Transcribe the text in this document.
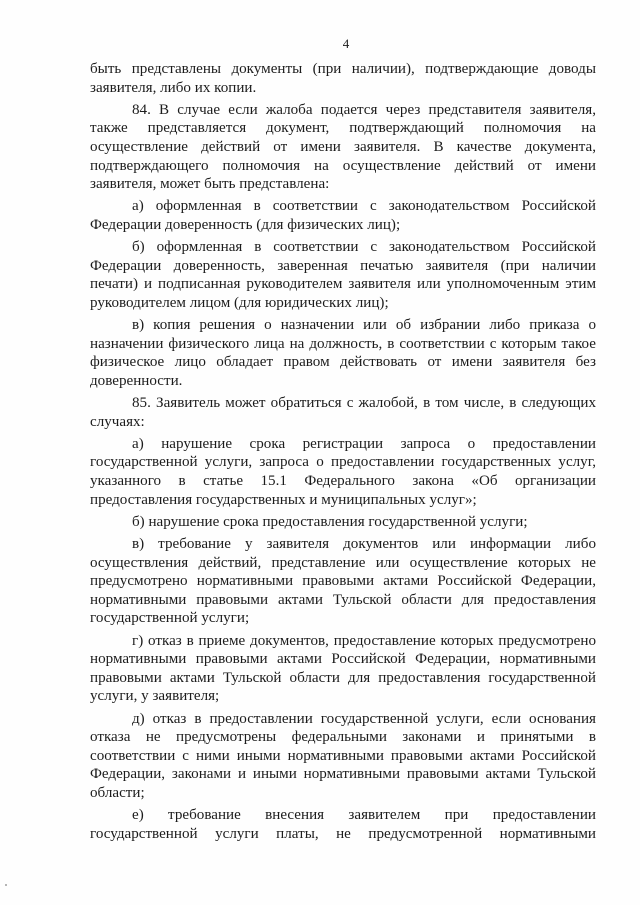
4
быть представлены документы (при наличии), подтверждающие доводы
заявителя, либо их копии.
84. В случае если жалоба подается через представителя заявителя,
также представляется документ, подтверждающий полномочия на
осуществление действий от имени заявителя. В качестве документа,
подтверждающего полномочия на осуществление действий от имени
заявителя, может быть представлена:
а) оформленная в соответствии с законодательством Российской
Федерации доверенность (для физических лиц);
б) оформленная в соответствии с законодательством Российской
Федерации доверенность, заверенная печатью заявителя (при наличии
печати) и подписанная руководителем заявителя или уполномоченным этим
руководителем лицом (для юридических лиц);
в) копия решения о назначении или об избрании либо приказа о
назначении физического лица на должность, в соответствии с которым такое
физическое лицо обладает правом действовать от имени заявителя без
доверенности.
85. Заявитель может обратиться с жалобой, в том числе, в следующих
случаях:
а) нарушение срока регистрации запроса о предоставлении
государственной услуги, запроса о предоставлении государственных услуг,
указанного в статье 15.1 Федерального закона «Об организации
предоставления государственных и муниципальных услуг»;
б) нарушение срока предоставления государственной услуги;
в) требование у заявителя документов или информации либо
осуществления действий, представление или осуществление которых не
предусмотрено нормативными правовыми актами Российской Федерации,
нормативными правовыми актами Тульской области для предоставления
государственной услуги;
г) отказ в приеме документов, предоставление которых предусмотрено
нормативными правовыми актами Российской Федерации, нормативными
правовыми актами Тульской области для предоставления государственной
услуги, у заявителя;
д) отказ в предоставлении государственной услуги, если основания
отказа не предусмотрены федеральными законами и принятыми в
соответствии с ними иными нормативными правовыми актами Российской
Федерации, законами и иными нормативными правовыми актами Тульской
области;
е) требование внесения заявителем при предоставлении
государственной услуги платы, не предусмотренной нормативными
